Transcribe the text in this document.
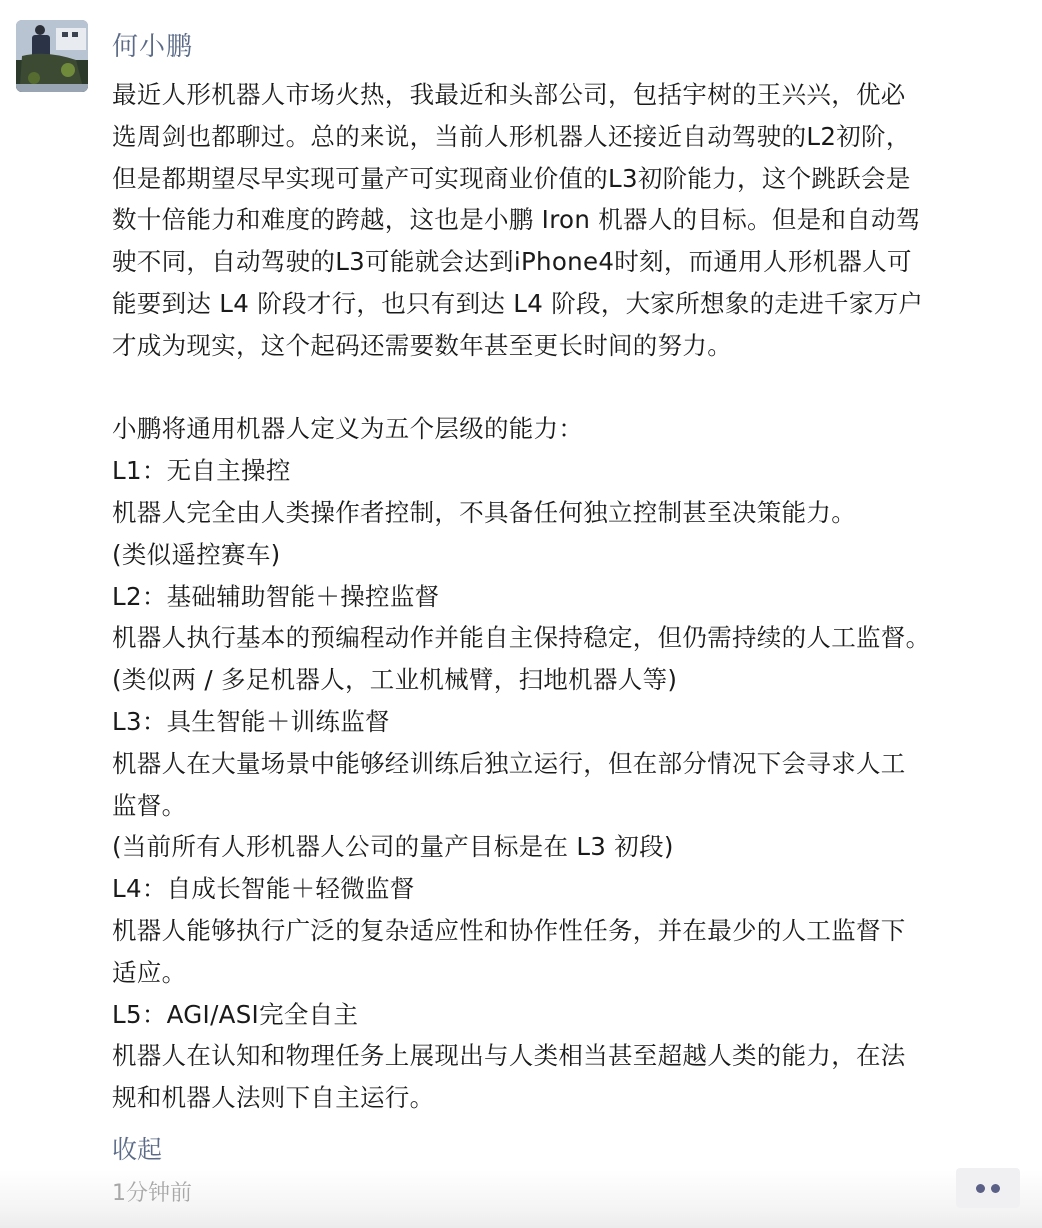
何小鹏

最近人形机器人市场火热，我最近和头部公司，包括宇树的王兴兴，优必

选周剑也都聊过。总的来说，当前人形机器人还接近自动驾驶的L2初阶，

但是都期望尽早实现可量产可实现商业价值的L3初阶能力，这个跳跃会是

数十倍能力和难度的跨越，这也是小鹏 Iron 机器人的目标。但是和自动驾

驶不同，自动驾驶的L3可能就会达到iPhone4时刻，而通用人形机器人可

能要到达 L4 阶段才行，也只有到达 L4 阶段，大家所想象的走进千家万户

才成为现实，这个起码还需要数年甚至更长时间的努力。

小鹏将通用机器人定义为五个层级的能力：

L1：无自主操控

机器人完全由人类操作者控制，不具备任何独立控制甚至决策能力。

(类似遥控赛车)

L2：基础辅助智能＋操控监督

机器人执行基本的预编程动作并能自主保持稳定，但仍需持续的人工监督。

(类似两 / 多足机器人，工业机械臂，扫地机器人等)

L3：具生智能＋训练监督

机器人在大量场景中能够经训练后独立运行，但在部分情况下会寻求人工

监督。

(当前所有人形机器人公司的量产目标是在 L3 初段)

L4：自成长智能＋轻微监督

机器人能够执行广泛的复杂适应性和协作性任务，并在最少的人工监督下

适应。

L5：AGI/ASI完全自主

机器人在认知和物理任务上展现出与人类相当甚至超越人类的能力，在法

规和机器人法则下自主运行。

收起
1分钟前
